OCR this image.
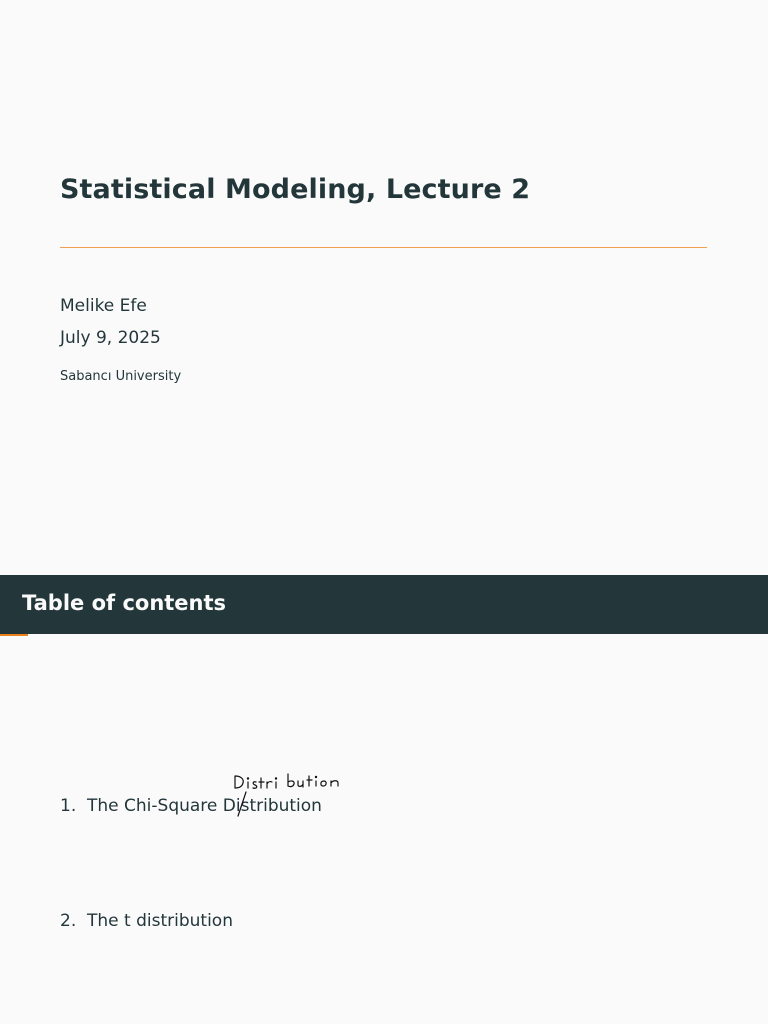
Statistical Modeling, Lecture 2
Melike Efe
July 9, 2025
Sabancı University
Table of contents
1. The Chi-Square Distribution
2. The t distribution
